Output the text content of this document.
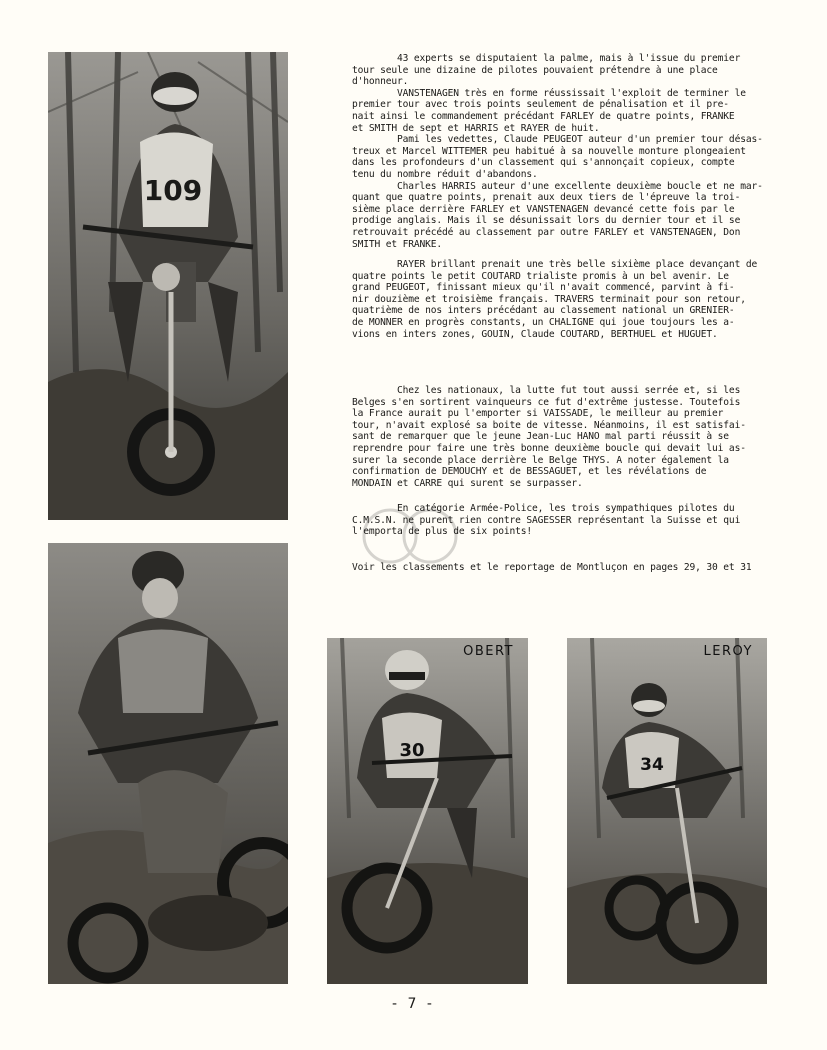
109
30
OBERT
34
LEROY
43 experts se disputaient la palme, mais à l'issue du premier
tour seule une dizaine de pilotes pouvaient prétendre à une place
d'honneur.
VANSTENAGEN très en forme réussissait l'exploit de terminer le
premier tour avec trois points seulement de pénalisation et il pre-
nait ainsi le commandement précédant FARLEY de quatre points, FRANKE
et SMITH de sept et HARRIS et RAYER de huit.
Pami les vedettes, Claude PEUGEOT auteur d'un premier tour désas-
treux et Marcel WITTEMER peu habitué à sa nouvelle monture plongeaient
dans les profondeurs d'un classement qui s'annonçait copieux, compte
tenu du nombre réduit d'abandons.
Charles HARRIS auteur d'une excellente deuxième boucle et ne mar-
quant que quatre points, prenait aux deux tiers de l'épreuve la troi-
sième place derrière FARLEY et VANSTENAGEN devancé cette fois par le
prodige anglais. Mais il se désunissait lors du dernier tour et il se
retrouvait précédé au classement par outre FARLEY et VANSTENAGEN, Don
SMITH et FRANKE.
RAYER brillant prenait une très belle sixième place devançant de
quatre points le petit COUTARD trialiste promis à un bel avenir. Le
grand PEUGEOT, finissant mieux qu'il n'avait commencé, parvint à fi-
nir douzième et troisième français. TRAVERS terminait pour son retour,
quatrième de nos inters précédant au classement national un GRENIER-
de MONNER en progrès constants, un CHALIGNE qui joue toujours les a-
vions en inters zones, GOUIN, Claude COUTARD, BERTHUEL et HUGUET.
Chez les nationaux, la lutte fut tout aussi serrée et, si les
Belges s'en sortirent vainqueurs ce fut d'extrême justesse. Toutefois
la France aurait pu l'emporter si VAISSADE, le meilleur au premier
tour, n'avait explosé sa boite de vitesse. Néanmoins, il est satisfai-
sant de remarquer que le jeune Jean-Luc HANO mal parti réussit à se
reprendre pour faire une très bonne deuxième boucle qui devait lui as-
surer la seconde place derrière le Belge THYS. A noter également la
confirmation de DEMOUCHY et de BESSAGUET, et les révélations de
MONDAIN et CARRE qui surent se surpasser.
En catégorie Armée-Police, les trois sympathiques pilotes du
C.M.S.N. ne purent rien contre SAGESSER représentant la Suisse et qui
l'emporta de plus de six points!
Voir les classements et le reportage de Montluçon en pages 29, 30 et 31
- 7 -
